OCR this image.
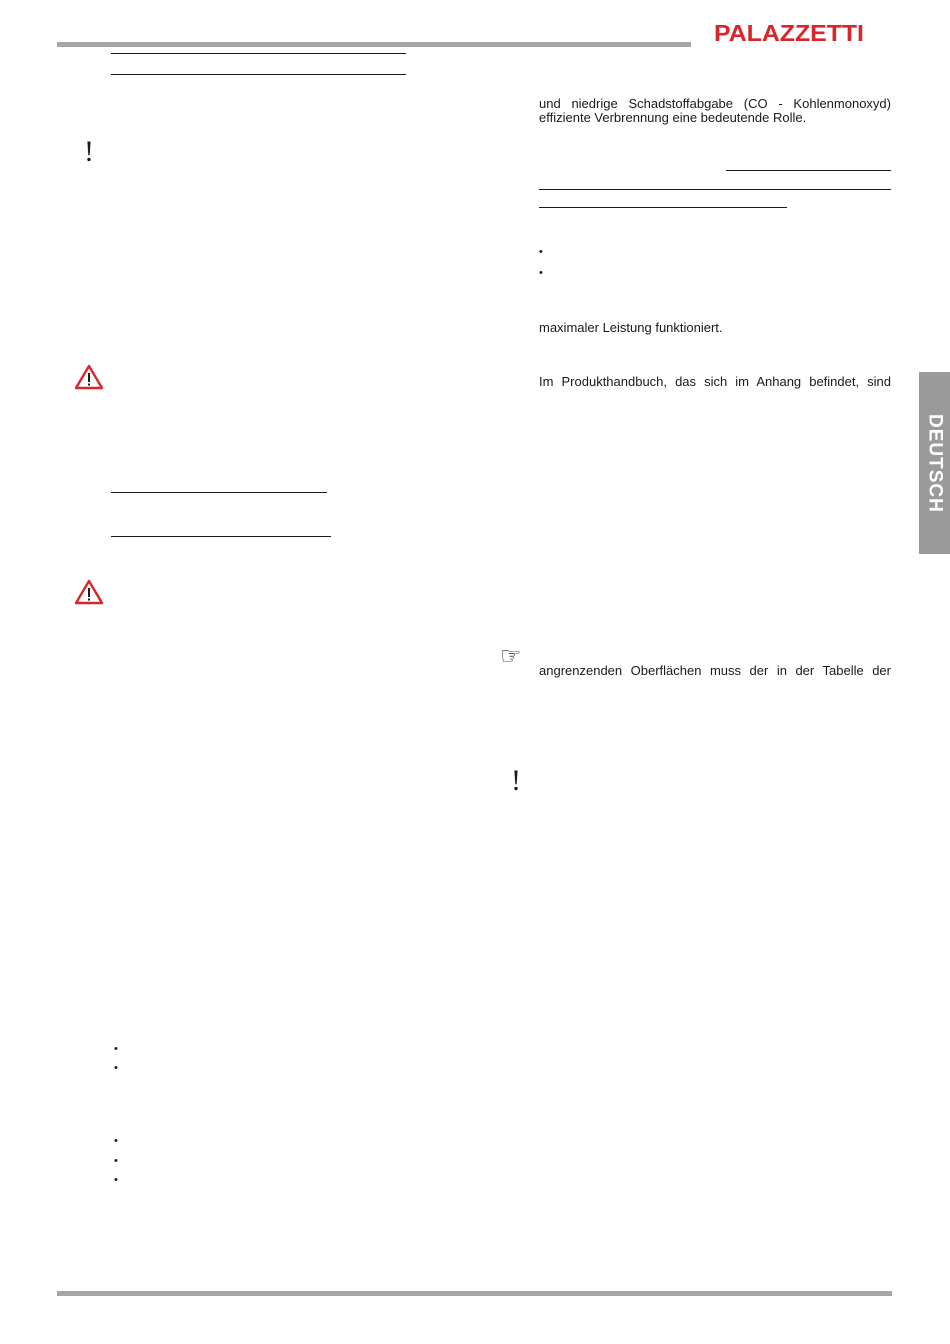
PALAZZETTI
!
•
•
•
•
•
und niedrige Schadstoffabgabe (CO - Kohlenmonoxyd)
effiziente Verbrennung eine bedeutende Rolle.
•
•
maximaler Leistung funktioniert.
Im Produkthandbuch, das sich im Anhang befindet, sind
☞
angrenzenden Oberflächen muss der in der Tabelle der
!
DEUTSCH
